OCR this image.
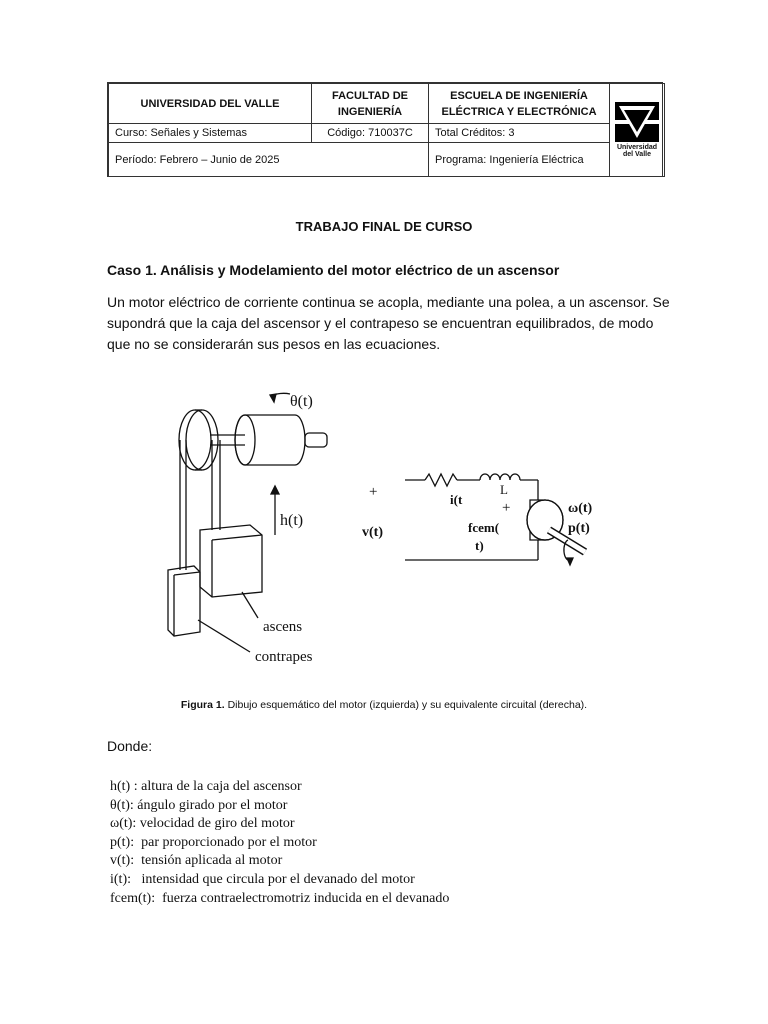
UNIVERSIDAD DEL VALLE	FACULTAD DE INGENIERÍA	ESCUELA DE INGENIERÍA ELÉCTRICA Y ELECTRÓNICA	Universidad
del Valle

Curso: Señales y Sistemas	Código: 710037C	Total Créditos: 3	
Período: Febrero – Junio de 2025		Programa: Ingeniería Eléctrica	
TRABAJO FINAL DE CURSO
Caso 1. Análisis y Modelamiento del motor eléctrico de un ascensor
Un motor eléctrico de corriente continua se acopla, mediante una polea, a un ascensor. Se supondrá que la caja del ascensor y el contrapeso se encuentran equilibrados, de modo que no se considerarán sus pesos en las ecuaciones.
θ(t)
h(t)
ascens
contrapes
+	i(t
L
+
v(t)	fcem(
t)
ω(t)
p(t)
Figura 1. Dibujo esquemático del motor (izquierda) y su equivalente circuital (derecha).
Donde:
h(t) : altura de la caja del ascensor
θ(t): ángulo girado por el motor
ω(t): velocidad de giro del motor
p(t):  par proporcionado por el motor
v(t):  tensión aplicada al motor
i(t):   intensidad que circula por el devanado del motor
fcem(t):  fuerza contraelectromotriz inducida en el devanado
